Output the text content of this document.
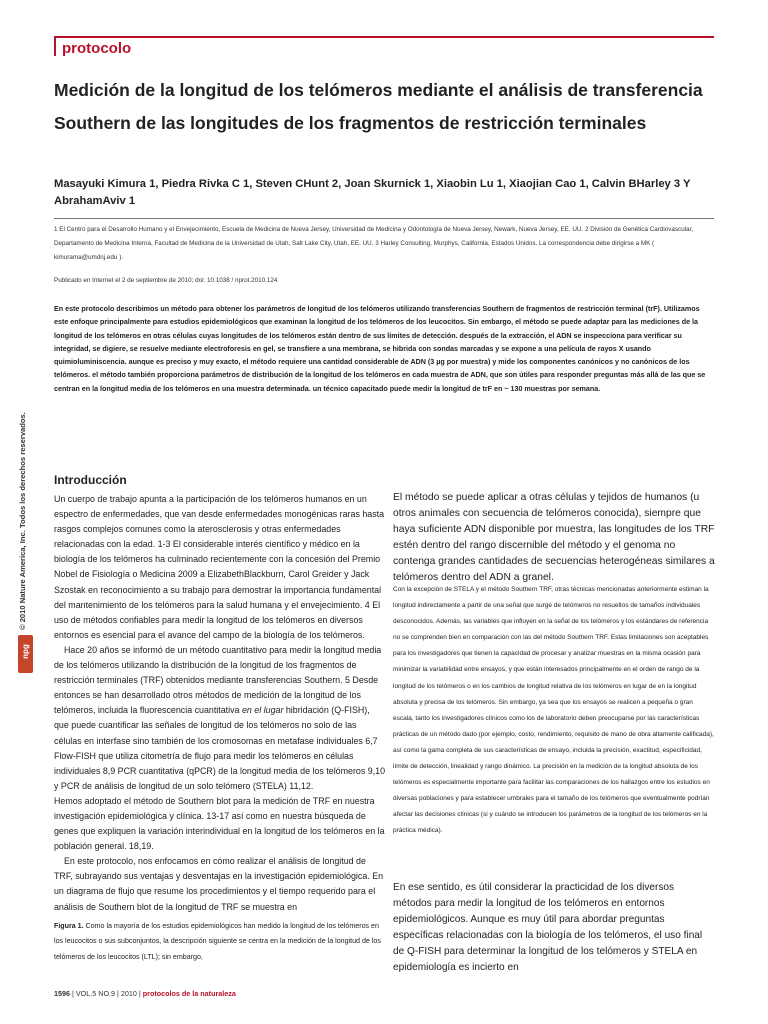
protocolo
Medición de la longitud de los telómeros mediante el análisis de transferencia Southern de las longitudes de los fragmentos de restricción terminales
Masayuki Kimura 1, Piedra Rivka C 1, Steven CHunt 2, Joan Skurnick 1, Xiaobin Lu 1, Xiaojian Cao 1, Calvin BHarley 3 Y AbrahamAviv 1
1 El Centro para el Desarrollo Humano y el Envejecimiento, Escuela de Medicina de Nueva Jersey, Universidad de Medicina y Odontología de Nueva Jersey, Newark, Nueva Jersey, EE. UU. 2 División de Genética Cardiovascular, Departamento de Medicina Interna, Facultad de Medicina de la Universidad de Utah, Salt Lake City, Utah, EE. UU. 3 Harley Consulting, Murphys, California, Estados Unidos. La correspondencia debe dirigirse a MK ( kimurama@umdnj.edu ).
Publicado en Internet el 2 de septiembre de 2010; doi: 10.1038 / nprot.2010.124
En este protocolo describimos un método para obtener los parámetros de longitud de los telómeros utilizando transferencias Southern de fragmentos de restricción terminal (trF). Utilizamos este enfoque principalmente para estudios epidemiológicos que examinan la longitud de los telómeros de los leucocitos. Sin embargo, el método se puede adaptar para las mediciones de la longitud de los telómeros en otras células cuyas longitudes de los telómeros están dentro de sus límites de detección. después de la extracción, el ADN se inspecciona para verificar su integridad, se digiere, se resuelve mediante electroforesis en gel, se transfiere a una membrana, se hibrida con sondas marcadas y se expone a una película de rayos X usando quimioluminiscencia. aunque es preciso y muy exacto, el método requiere una cantidad considerable de ADN (3 µg por muestra) y mide los componentes canónicos y no canónicos de los telómeros. el método también proporciona parámetros de distribución de la longitud de los telómeros en cada muestra de ADN, que son útiles para responder preguntas más allá de las que se centran en la longitud media de los telómeros en una muestra determinada. un técnico capacitado puede medir la longitud de trF en ~ 130 muestras por semana.
© 2010 Nature America, Inc. Todos los derechos reservados.
npg
Introducción

Un cuerpo de trabajo apunta a la participación de los telómeros humanos en un espectro de enfermedades, que van desde enfermedades monogénicas raras hasta rasgos complejos comunes como la aterosclerosis y otras enfermedades relacionadas con la edad. 1-3 El considerable interés científico y médico en la biología de los telómeros ha culminado recientemente con la concesión del Premio Nobel de Fisiología o Medicina 2009 a ElizabethBlackburn, Carol Greider y Jack Szostak en reconocimiento a su trabajo para demostrar la importancia fundamental del mantenimiento de los telómeros para la salud humana y el envejecimiento. 4 El uso de métodos confiables para medir la longitud de los telómeros en diversos entornos es esencial para el avance del campo de la biología de los telómeros.

Hace 20 años se informó de un método cuantitativo para medir la longitud media de los telómeros utilizando la distribución de la longitud de los fragmentos de restricción terminales (TRF) obtenidos mediante transferencias Southern. 5 Desde entonces se han desarrollado otros métodos de medición de la longitud de los telómeros, incluida la fluorescencia cuantitativa en el lugar hibridación (Q-FISH), que puede cuantificar las señales de longitud de los telómeros no solo de las células en interfase sino también de los cromosomas en metafase individuales 6,7 Flow-FISH que utiliza citometría de flujo para medir los telómeros en células individuales 8,9 PCR cuantitativa (qPCR) de la longitud media de los telómeros 9,10 y PCR de análisis de longitud de un solo telómero (STELA) 11,12.

Hemos adoptado el método de Southern blot para la medición de TRF en nuestra investigación epidemiológica y clínica. 13-17 así como en nuestra búsqueda de genes que expliquen la variación interindividual en la longitud de los telómeros en la población general. 18,19.

En este protocolo, nos enfocamos en cómo realizar el análisis de longitud de TRF, subrayando sus ventajas y desventajas en la investigación epidemiológica. En un diagrama de flujo que resume los procedimientos y el tiempo requerido para el análisis de Southern blot de la longitud de TRF se muestra en

Figura 1. Como la mayoría de los estudios epidemiológicos han medido la longitud de los telómeros en los leucocitos o sus subconjuntos, la descripción siguiente se centra en la medición de la longitud de los telómeros de los leucocitos (LTL); sin embargo,

El método se puede aplicar a otras células y tejidos de humanos (u otros animales con secuencia de telómeros conocida), siempre que haya suficiente ADN disponible por muestra, las longitudes de los TRF estén dentro del rango discernible del método y el genoma no contenga grandes cantidades de secuencias heterogéneas similares a telómeros dentro del ADN a granel.
Con la excepción de STELA y el método Southern TRF, otras técnicas mencionadas anteriormente estiman la longitud indirectamente a partir de una señal que surge de telómeros no resueltos de tamaños individuales desconocidos. Además, las variables que influyen en la señal de los telómeros y los estándares de referencia no se comprenden bien en comparación con las del método Southern TRF. Estas limitaciones son aceptables para los investigadores que tienen la capacidad de procesar y analizar muestras en la misma ocasión para minimizar la variabilidad entre ensayos, y que están interesados principalmente en el orden de rango de la longitud de los telómeros o en los cambios de longitud relativa de los telómeros en lugar de en la longitud absoluta y precisa de los telómeros. Sin embargo, ya sea que los ensayos se realicen a pequeña o gran escala, tanto los investigadores clínicos como los de laboratorio deben preocuparse por las características prácticas de un método dado (por ejemplo, costo, rendimiento, requisito de mano de obra altamente calificada), así como la gama completa de sus características de ensayo, incluida la precisión, exactitud, especificidad, límite de detección, linealidad y rango dinámico. La precisión en la medición de la longitud absoluta de los telómeros es especialmente importante para facilitar las comparaciones de los hallazgos entre los estudios en diversas poblaciones y para establecer umbrales para el tamaño de los telómeros que eventualmente podrían afectar las decisiones clínicas (si y cuándo se introducen los parámetros de la longitud de los telómeros en la práctica médica).
En ese sentido, es útil considerar la practicidad de los diversos métodos para medir la longitud de los telómeros en entornos epidemiológicos. Aunque es muy útil para abordar preguntas específicas relacionadas con la biología de los telómeros, el uso final de Q-FISH para determinar la longitud de los telómeros y STELA en epidemiología es incierto en
1596 | VOL.5 NO.9 | 2010 | protocolos de la naturaleza
